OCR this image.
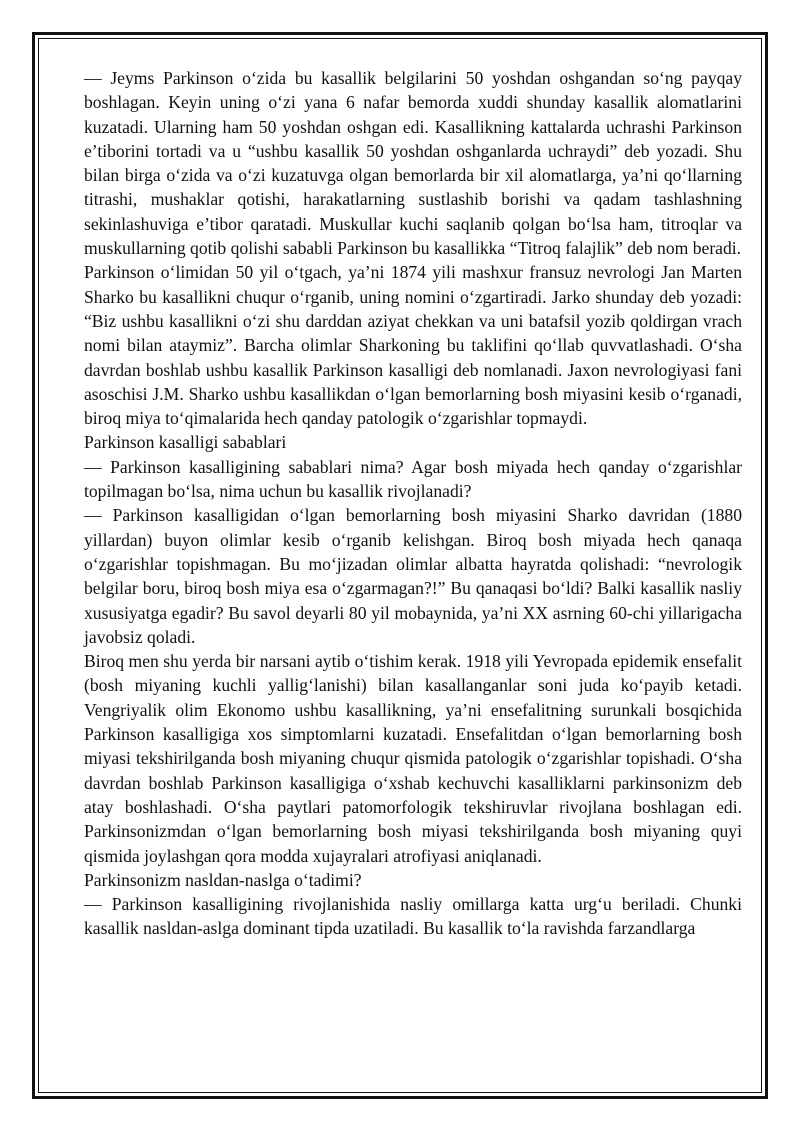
— Jeyms Parkinson o‘zida bu kasallik belgilarini 50 yoshdan oshgandan so‘ng payqay boshlagan. Keyin uning o‘zi yana 6 nafar bemorda xuddi shunday kasallik alomatlarini kuzatadi. Ularning ham 50 yoshdan oshgan edi. Kasallikning kattalarda uchrashi Parkinson e’tiborini tortadi va u “ushbu kasallik 50 yoshdan oshganlarda uchraydi” deb yozadi. Shu bilan birga o‘zida va o‘zi kuzatuvga olgan bemorlarda bir xil alomatlarga, ya’ni qo‘llarning titrashi, mushaklar qotishi, harakatlarning sustlashib borishi va qadam tashlashning sekinlashuviga e’tibor qaratadi. Muskullar kuchi saqlanib qolgan bo‘lsa ham, titroqlar va muskullarning qotib qolishi sababli Parkinson bu kasallikka “Titroq falajlik” deb nom beradi.

Parkinson o‘limidan 50 yil o‘tgach, ya’ni 1874 yili mashxur fransuz nevrologi Jan Marten Sharko bu kasallikni chuqur o‘rganib, uning nomini o‘zgartiradi. Jarko shunday deb yozadi: “Biz ushbu kasallikni o‘zi shu darddan aziyat chekkan va uni batafsil yozib qoldirgan vrach nomi bilan ataymiz”. Barcha olimlar Sharkoning bu taklifini qo‘llab quvvatlashadi. O‘sha davrdan boshlab ushbu kasallik Parkinson kasalligi deb nomlanadi. Jaxon nevrologiyasi fani asoschisi J.M. Sharko ushbu kasallikdan o‘lgan bemorlarning bosh miyasini kesib o‘rganadi, biroq miya to‘qimalarida hech qanday patologik o‘zgarishlar topmaydi.

Parkinson kasalligi sabablari

— Parkinson kasalligining sabablari nima? Agar bosh miyada hech qanday o‘zgarishlar topilmagan bo‘lsa, nima uchun bu kasallik rivojlanadi?

— Parkinson kasalligidan o‘lgan bemorlarning bosh miyasini Sharko davridan (1880 yillardan) buyon olimlar kesib o‘rganib kelishgan. Biroq bosh miyada hech qanaqa o‘zgarishlar topishmagan. Bu mo‘jizadan olimlar albatta hayratda qolishadi: “nevrologik belgilar boru, biroq bosh miya esa o‘zgarmagan?!” Bu qanaqasi bo‘ldi? Balki kasallik nasliy xususiyatga egadir? Bu savol deyarli 80 yil mobaynida, ya’ni XX asrning 60-chi yillarigacha javobsiz qoladi.

Biroq men shu yerda bir narsani aytib o‘tishim kerak. 1918 yili Yevropada epidemik ensefalit (bosh miyaning kuchli yallig‘lanishi) bilan kasallanganlar soni juda ko‘payib ketadi. Vengriyalik olim Ekonomo ushbu kasallikning, ya’ni ensefalitning surunkali bosqichida Parkinson kasalligiga xos simptomlarni kuzatadi. Ensefalitdan o‘lgan bemorlarning bosh miyasi tekshirilganda bosh miyaning chuqur qismida patologik o‘zgarishlar topishadi. O‘sha davrdan boshlab Parkinson kasalligiga o‘xshab kechuvchi kasalliklarni parkinsonizm deb atay boshlashadi. O‘sha paytlari patomorfologik tekshiruvlar rivojlana boshlagan edi. Parkinsonizmdan o‘lgan bemorlarning bosh miyasi tekshirilganda bosh miyaning quyi qismida joylashgan qora modda xujayralari atrofiyasi aniqlanadi.

Parkinsonizm nasldan-naslga o‘tadimi?

— Parkinson kasalligining rivojlanishida nasliy omillarga katta urg‘u beriladi. Chunki kasallik nasldan-aslga dominant tipda uzatiladi. Bu kasallik to‘la ravishda farzandlarga
